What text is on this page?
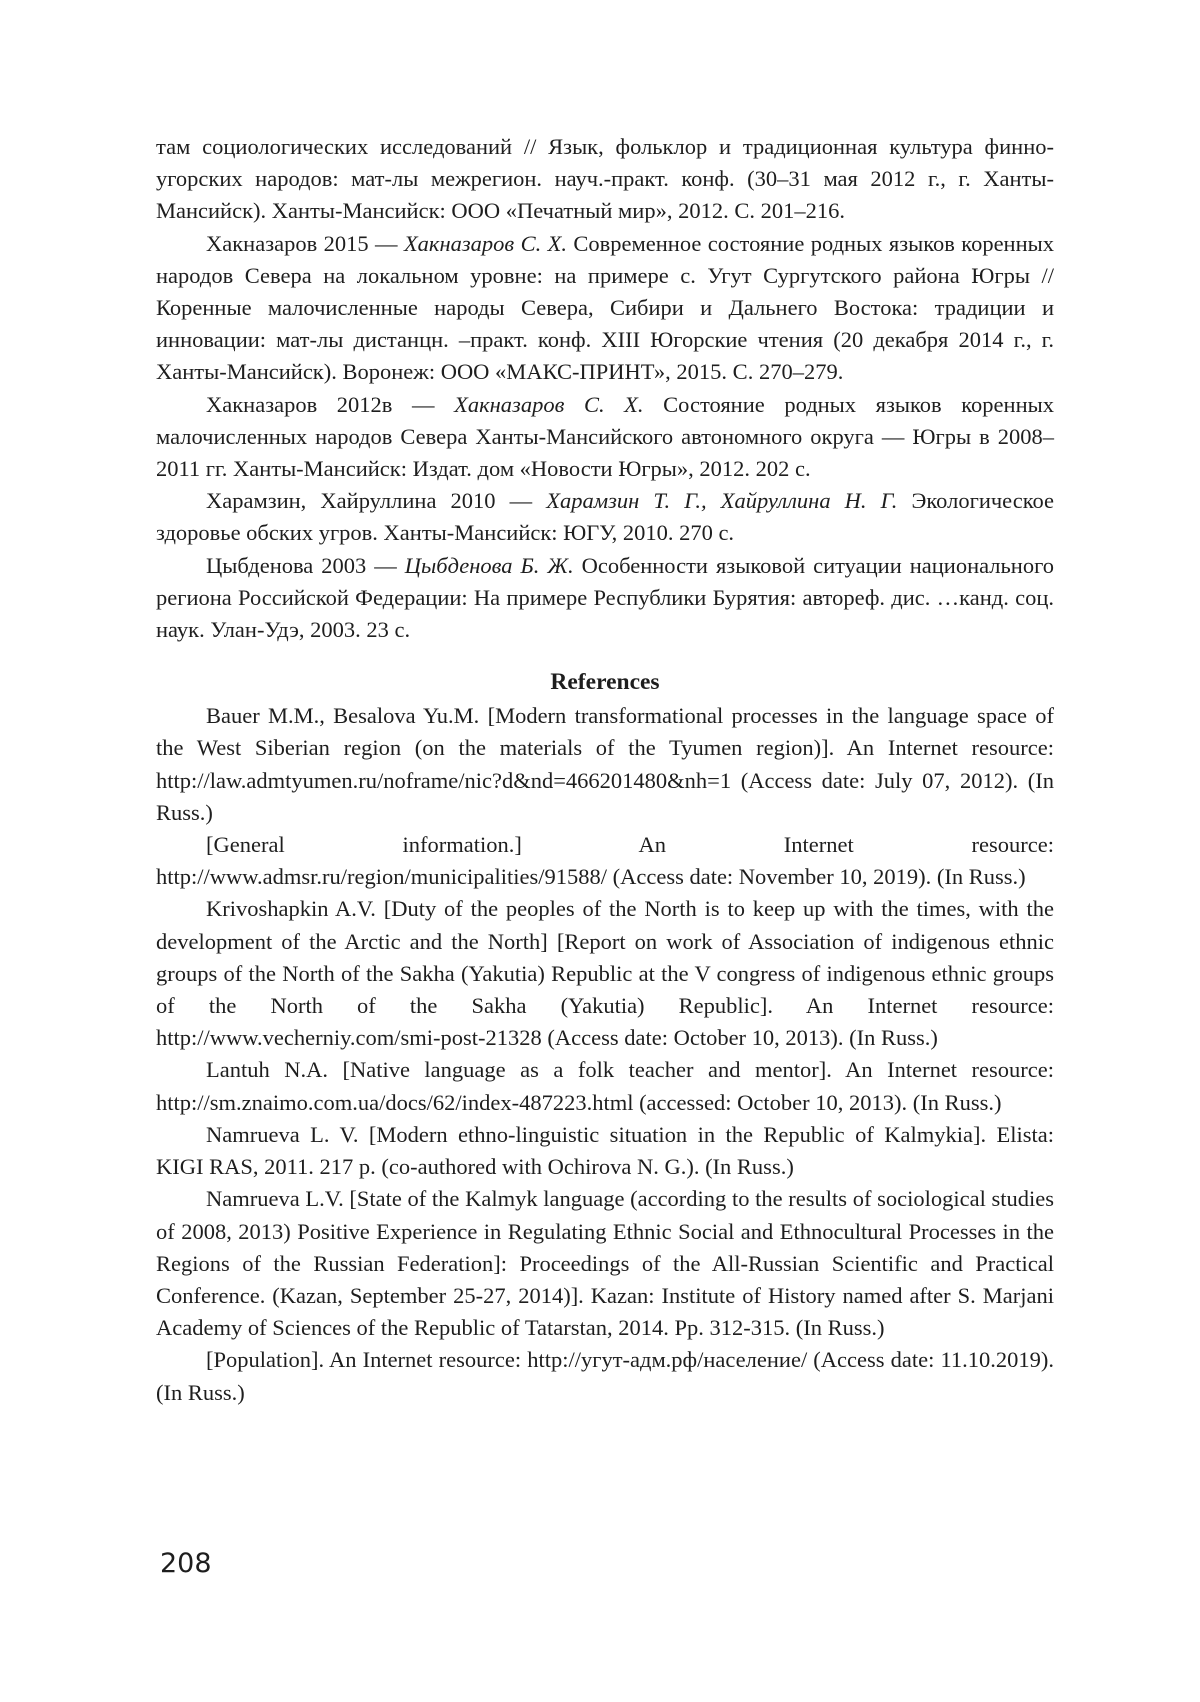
там социологических исследований // Язык, фольклор и традиционная культура финно-угорских народов: мат-лы межрегион. науч.-практ. конф. (30–31 мая 2012 г., г. Ханты-Мансийск). Ханты-Мансийск: ООО «Печатный мир», 2012. С. 201–216.

Хакназаров 2015 — Хакназаров С. Х. Современное состояние родных языков коренных народов Севера на локальном уровне: на примере с. Угут Сургутского района Югры // Коренные малочисленные народы Севера, Сибири и Дальнего Востока: традиции и инновации: мат-лы дистанцн. –практ. конф. XIII Югорские чтения (20 декабря 2014 г., г. Ханты-Мансийск). Воронеж: ООО «МАКС-ПРИНТ», 2015. С. 270–279.

Хакназаров 2012в — Хакназаров С. Х. Состояние родных языков коренных малочисленных народов Севера Ханты-Мансийского автономного округа — Югры в 2008–2011 гг. Ханты-Мансийск: Издат. дом «Новости Югры», 2012. 202 с.

Харамзин, Хайруллина 2010 — Харамзин Т. Г., Хайруллина Н. Г. Экологическое здоровье обских угров. Ханты-Мансийск: ЮГУ, 2010. 270 с.

Цыбденова 2003 — Цыбденова Б. Ж. Особенности языковой ситуации национального региона Российской Федерации: На примере Республики Бурятия: автореф. дис. …канд. соц. наук. Улан-Удэ, 2003. 23 с.

References

Bauer M.M., Besalova Yu.M. [Modern transformational processes in the language space of the West Siberian region (on the materials of the Tyumen region)]. An Internet resource: http://law.admtyumen.ru/noframe/nic?d&nd=466201480&nh=1 (Access date: July 07, 2012). (In Russ.)

[General information.] An Internet resource: http://www.admsr.ru/region/municipalities/91588/ (Access date: November 10, 2019). (In Russ.)

Krivoshapkin A.V. [Duty of the peoples of the North is to keep up with the times, with the development of the Arctic and the North] [Report on work of Association of indigenous ethnic groups of the North of the Sakha (Yakutia) Republic at the V congress of indigenous ethnic groups of the North of the Sakha (Yakutia) Republic]. An Internet resource: http://www.vecherniy.com/smi-post-21328 (Access date: October 10, 2013). (In Russ.)

Lantuh N.A. [Native language as a folk teacher and mentor]. An Internet resource: http://sm.znaimo.com.ua/docs/62/index-487223.html (accessed: October 10, 2013). (In Russ.)

Namrueva L. V. [Modern ethno-linguistic situation in the Republic of Kalmykia]. Elista: KIGI RAS, 2011. 217 p. (co-authored with Ochirova N. G.). (In Russ.)

Namrueva L.V. [State of the Kalmyk language (according to the results of sociological studies of 2008, 2013) Positive Experience in Regulating Ethnic Social and Ethnocultural Processes in the Regions of the Russian Federation]: Proceedings of the All-Russian Scientific and Practical Conference. (Kazan, September 25-27, 2014)]. Kazan: Institute of History named after S. Marjani Academy of Sciences of the Republic of Tatarstan, 2014. Pp. 312-315. (In Russ.)

[Population]. An Internet resource: http://угут-адм.рф/население/ (Access date: 11.10.2019). (In Russ.)

208
